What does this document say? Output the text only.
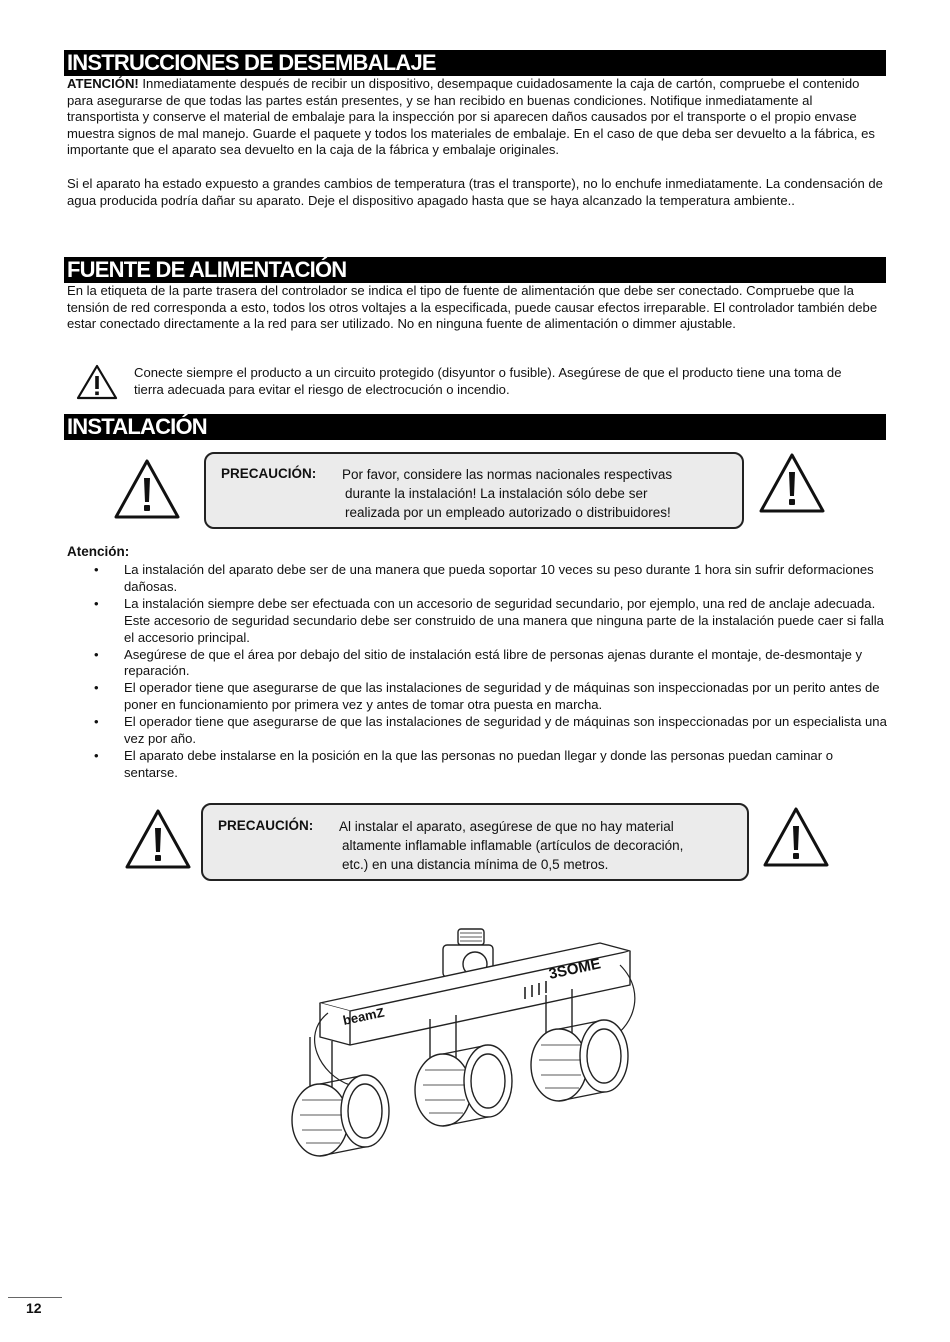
INSTRUCCIONES DE DESEMBALAJE
ATENCIÓN! Inmediatamente después de recibir un dispositivo, desempaque cuidadosamente la caja de cartón, compruebe el contenido para asegurarse de que todas las partes están presentes, y se han recibido en buenas condiciones. Notifique inmediatamente al transportista y conserve el material de embalaje para la inspección por si aparecen daños causados por el transporte o el propio envase muestra signos de mal manejo. Guarde el paquete y todos los materiales de embalaje. En el caso de que deba ser devuelto a la fábrica, es importante que el aparato sea devuelto en la caja de la fábrica y embalaje originales.
Si el aparato ha estado expuesto a grandes cambios de temperatura (tras el transporte), no lo enchufe inmediatamente. La condensación de agua producida podría dañar su aparato. Deje el dispositivo apagado hasta que se haya alcanzado la temperatura ambiente..
FUENTE DE ALIMENTACIÓN
En la etiqueta de la parte trasera del controlador se indica el tipo de fuente de alimentación que debe ser conectado. Compruebe que la tensión de red corresponda a esto, todos los otros voltajes a la especificada, puede causar efectos irreparable. El controlador también debe estar conectado directamente a la red para ser utilizado. No en ninguna fuente de alimentación o dimmer ajustable.
Conecte siempre el producto a un circuito protegido (disyuntor o fusible). Asegúrese de que el producto tiene una toma de tierra adecuada para evitar el riesgo de electrocución o incendio.
INSTALACIÓN
PRECAUCIÓN: Por favor, considere las normas nacionales respectivas
durante la instalación! La instalación sólo debe ser
realizada por un empleado autorizado o distribuidores!
Atención:
• La instalación del aparato debe ser de una manera que pueda soportar 10 veces su peso durante 1 hora sin sufrir deformaciones dañosas.
• La instalación siempre debe ser efectuada con un accesorio de seguridad secundario, por ejemplo, una red de anclaje adecuada. Este accesorio de seguridad secundario debe ser construido de una manera que ninguna parte de la instalación puede caer si falla el accesorio principal.
• Asegúrese de que el área por debajo del sitio de instalación está libre de personas ajenas durante el montaje, de-desmontaje y reparación.
• El operador tiene que asegurarse de que las instalaciones de seguridad y de máquinas son inspeccionadas por un perito antes de poner en funcionamiento por primera vez y antes de tomar otra puesta en marcha.
• El operador tiene que asegurarse de que las instalaciones de seguridad y de máquinas son inspeccionadas por un especialista una vez por año.
• El aparato debe instalarse en la posición en la que las personas no puedan llegar y donde las personas puedan caminar o sentarse.
PRECAUCIÓN: Al instalar el aparato, asegúrese de que no hay material
altamente inflamable inflamable (artículos de decoración,
etc.) en una distancia mínima de 0,5 metros.
beamZ
3SOME
12
